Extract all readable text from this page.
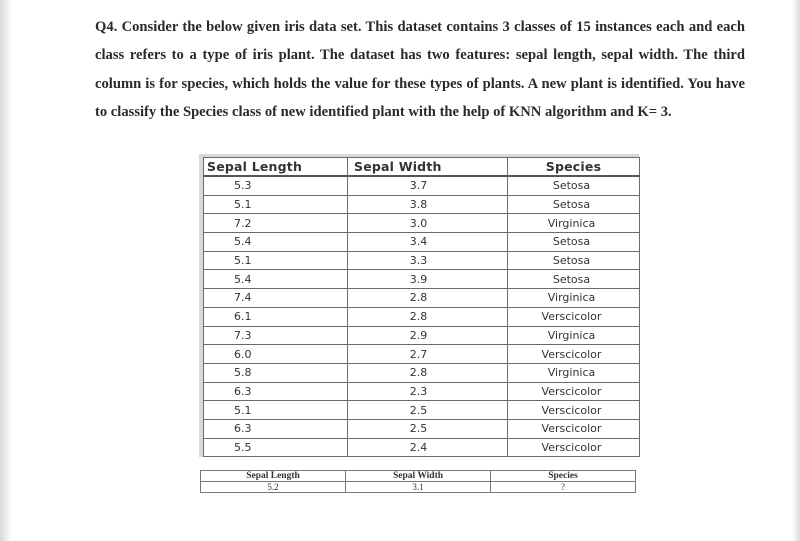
Q4. Consider the below given iris data set. This dataset contains 3 classes of 15 instances each and each class refers to a type of iris plant. The dataset has two features: sepal length, sepal width. The third column is for species, which holds the value for these types of plants. A new plant is identified. You have to classify the Species class of new identified plant with the help of KNN algorithm and K= 3.
Sepal Length	Sepal Width	Species
5.3	3.7	Setosa
5.1	3.8	Setosa
7.2	3.0	Virginica
5.4	3.4	Setosa
5.1	3.3	Setosa
5.4	3.9	Setosa
7.4	2.8	Virginica
6.1	2.8	Verscicolor
7.3	2.9	Virginica
6.0	2.7	Verscicolor
5.8	2.8	Virginica
6.3	2.3	Verscicolor
5.1	2.5	Verscicolor
6.3	2.5	Verscicolor
5.5	2.4	Verscicolor
Sepal Length	Sepal Width	Species
5.2	3.1	?
